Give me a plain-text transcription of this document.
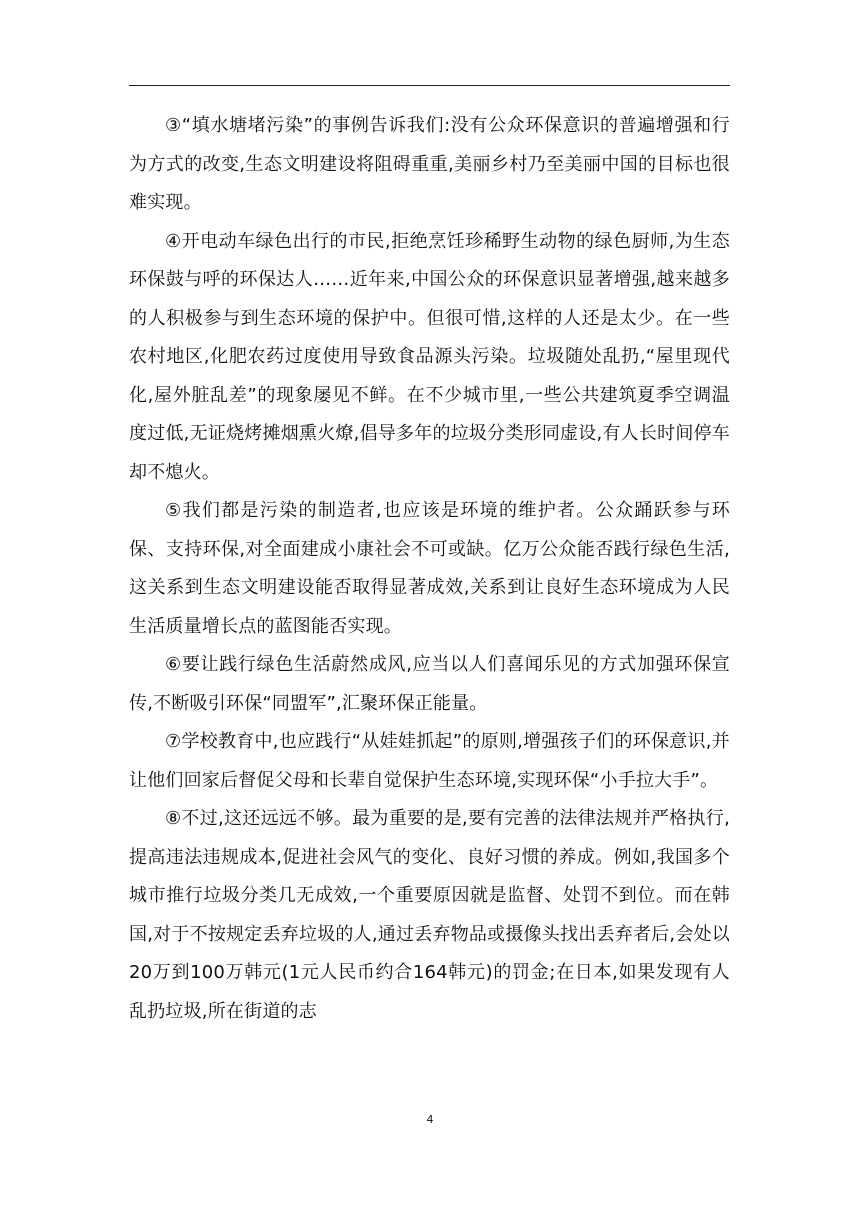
③“填水塘堵污染”的事例告诉我们:没有公众环保意识的普遍增强和行为方式的改变,生态文明建设将阻碍重重,美丽乡村乃至美丽中国的目标也很难实现。

④开电动车绿色出行的市民,拒绝烹饪珍稀野生动物的绿色厨师,为生态环保鼓与呼的环保达人……近年来,中国公众的环保意识显著增强,越来越多的人积极参与到生态环境的保护中。但很可惜,这样的人还是太少。在一些农村地区,化肥农药过度使用导致食品源头污染。垃圾随处乱扔,“屋里现代化,屋外脏乱差”的现象屡见不鲜。在不少城市里,一些公共建筑夏季空调温度过低,无证烧烤摊烟熏火燎,倡导多年的垃圾分类形同虚设,有人长时间停车却不熄火。

⑤我们都是污染的制造者,也应该是环境的维护者。公众踊跃参与环保、支持环保,对全面建成小康社会不可或缺。亿万公众能否践行绿色生活,这关系到生态文明建设能否取得显著成效,关系到让良好生态环境成为人民生活质量增长点的蓝图能否实现。

⑥要让践行绿色生活蔚然成风,应当以人们喜闻乐见的方式加强环保宣传,不断吸引环保“同盟军”,汇聚环保正能量。

⑦学校教育中,也应践行“从娃娃抓起”的原则,增强孩子们的环保意识,并让他们回家后督促父母和长辈自觉保护生态环境,实现环保“小手拉大手”。

⑧不过,这还远远不够。最为重要的是,要有完善的法律法规并严格执行,提高违法违规成本,促进社会风气的变化、良好习惯的养成。例如,我国多个城市推行垃圾分类几无成效,一个重要原因就是监督、处罚不到位。而在韩国,对于不按规定丢弃垃圾的人,通过丢弃物品或摄像头找出丢弃者后,会处以20万到100万韩元(1元人民币约合164韩元)的罚金;在日本,如果发现有人乱扔垃圾,所在街道的志

4
